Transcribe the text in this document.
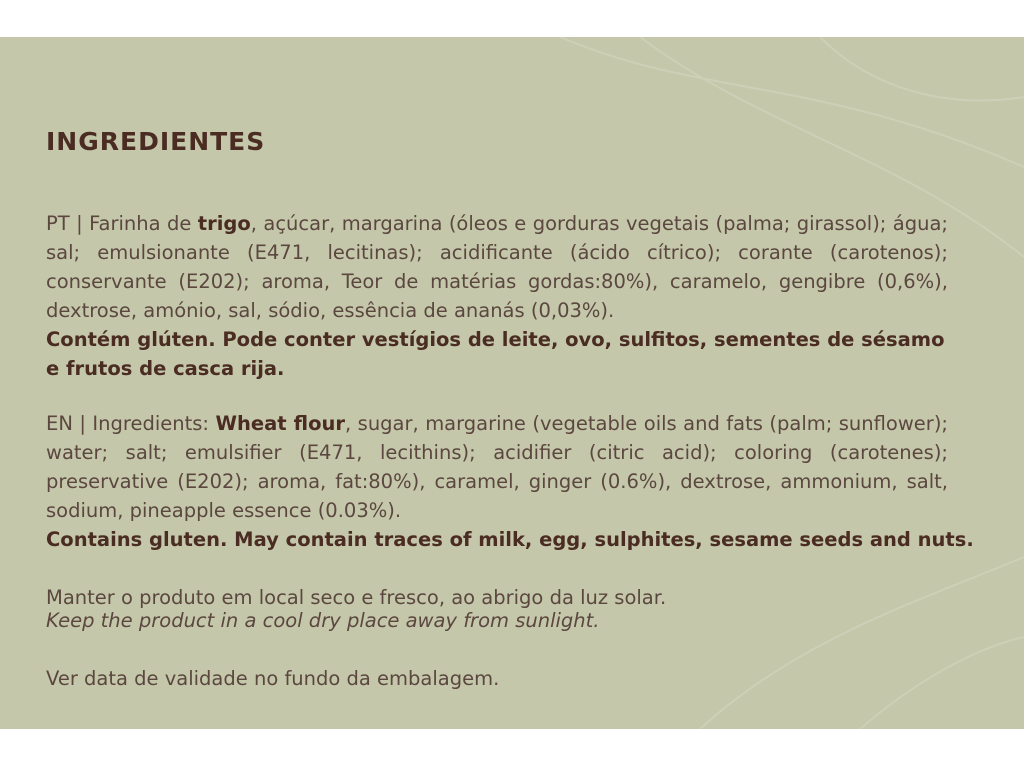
INGREDIENTES

PT | Farinha de trigo, açúcar, margarina (óleos e gorduras vegetais (palma; girassol); água; sal; emulsionante (E471, lecitinas); acidificante (ácido cítrico); corante (carotenos); conservante (E202); aroma, Teor de matérias gordas:80%), caramelo, gengibre (0,6%), dextrose, amónio, sal, sódio, essência de ananás (0,03%).

Contém glúten. Pode conter vestígios de leite, ovo, sulfitos, sementes de sésamo e frutos de casca rija.

EN | Ingredients: Wheat flour, sugar, margarine (vegetable oils and fats (palm; sunflower); water; salt; emulsifier (E471, lecithins); acidifier (citric acid); coloring (carotenes); preservative (E202); aroma, fat:80%), caramel, ginger (0.6%), dextrose, ammonium, salt, sodium, pineapple essence (0.03%).

Contains gluten. May contain traces of milk, egg, sulphites, sesame seeds and nuts.

Manter o produto em local seco e fresco, ao abrigo da luz solar.

Keep the product in a cool dry place away from sunlight.

Ver data de validade no fundo da embalagem.
